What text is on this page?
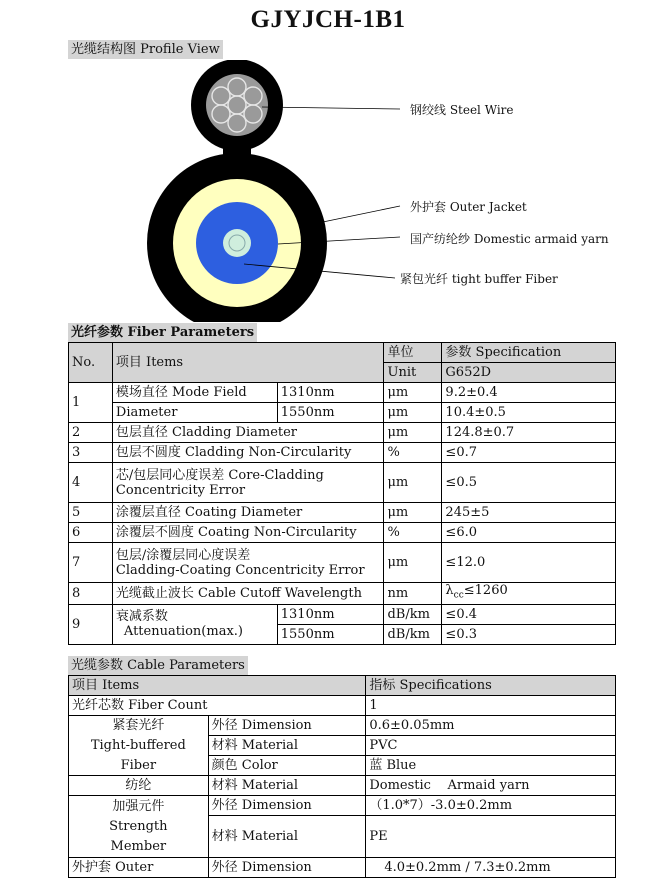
GJYJCH-1B1
光缆结构图 Profile View
钢绞线 Steel Wire
外护套 Outer Jacket
国产纺纶纱 Domestic armaid yarn
紧包光纤 tight buffer Fiber
光纤参数 Fiber Parameters
No.	项目 Items		单位	参数 Specification
			Unit	G652D
1	模场直径 Mode Field	1310nm	μm	9.2±0.4
	Diameter	1550nm	μm	10.4±0.5
2	包层直径 Cladding Diameter		μm	124.8±0.7
3	包层不圆度 Cladding Non-Circularity		%	≤0.7
4	芯/包层同心度误差 Core-Cladding
Concentricity Error		μm	≤0.5
5	涂覆层直径 Coating Diameter		μm	245±5
6	涂覆层不圆度 Coating Non-Circularity		%	≤6.0
7	包层/涂覆层同心度误差
Cladding-Coating Concentricity Error		μm	≤12.0
8	光缆截止波长 Cable Cutoff Wavelength		nm	$\lambda_{cc}\le 1260$
9	衰减系数
Attenuation(max.)	1310nm	dB/km	≤0.4
		1550nm	dB/km	≤0.3
光缆参数 Cable Parameters
项目 Items		指标 Specifications
光纤芯数 Fiber Count		1

紧套光纤
Tight-buffered
Fiber	外径 Dimension	0.6±0.05mm
	材料 Material	PVC
	颜色 Color	蓝 Blue
纺纶	材料 Material	Domestic    Armaid yarn

加强元件
Strength
Member	外径 Dimension	（1.0*7）-3.0±0.2mm
	材料 Material	PE
外护套 Outer	外径 Dimension	4.0±0.2mm / 7.3±0.2mm
